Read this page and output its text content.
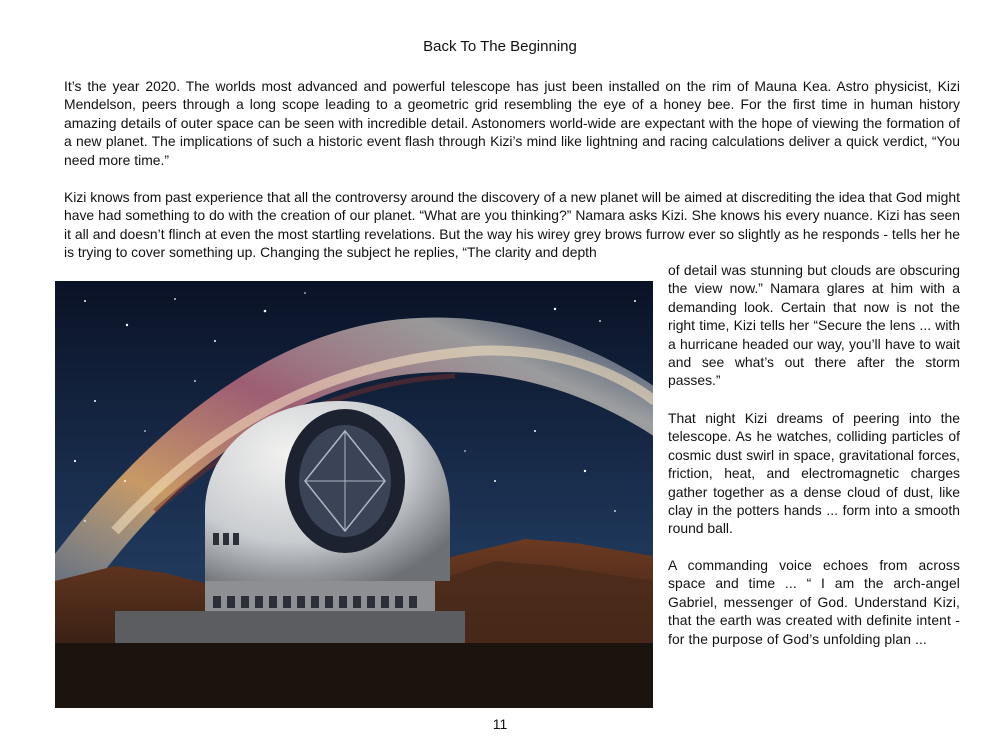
Back To The Beginning

It’s the year 2020. The worlds most advanced and powerful telescope has just been installed on the rim of Mauna Kea. Astro physicist, Kizi Mendelson, peers through a long scope leading to a geometric grid resembling the eye of a honey bee. For the first time in human history amazing details of outer space can be seen with incredible detail. Astonomers world-wide are expectant with the hope of viewing the formation of a new planet. The implications of such a historic event flash through Kizi’s mind like lightning and racing calculations deliver a quick verdict, “You need more time.”

Kizi knows from past experience that all the controversy around the discovery of a new planet will be aimed at discrediting the idea that God might have had something to do with the creation of our planet. “What are you thinking?” Namara asks Kizi. She knows his every nuance. Kizi has seen it all and doesn’t flinch at even the most startling revelations. But the way his wirey grey brows furrow ever so slightly as he responds - tells her he is trying to cover something up. Changing the subject he replies, “The clarity and depth

of detail was stunning but clouds are obscuring the view now.” Namara glares at him with a demanding look. Certain that now is not the right time, Kizi tells her “Secure the lens ... with a hurricane headed our way, you’ll have to wait and see what’s out there after the storm passes.”

That night Kizi dreams of peering into the telescope. As he watches, colliding particles of cosmic dust swirl in space, gravitational forces, friction, heat, and electromagnetic charges gather together as a dense cloud of dust, like clay in the potters hands ... form into a smooth round ball.

A commanding voice echoes from across space and time ... “ I am the arch-angel Gabriel, messenger of God. Understand Kizi, that the earth was created with definite intent - for the purpose of God’s unfolding plan ...

11
